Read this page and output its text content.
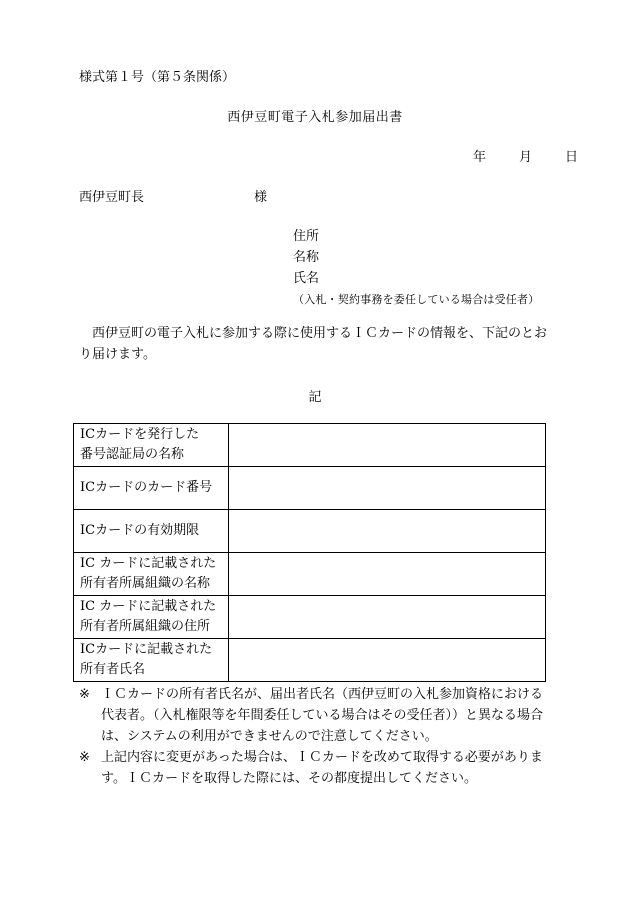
様式第１号（第５条関係）
西伊豆町電子入札参加届出書
年	月	日
西伊豆町長	様
住所
名称
氏名
（入札・契約事務を委任している場合は受任者）
西伊豆町の電子入札に参加する際に使用するＩＣカードの情報を、下記のとおり届けます。
記
ICカードを発行した
番号認証局の名称	

ICカードのカード番号	

ICカードの有効期限	

IC カードに記載された
所有者所属組織の名称	

IC カードに記載された
所有者所属組織の住所	

ICカードに記載された
所有者氏名	

※ ＩＣカードの所有者氏名が、届出者氏名（西伊豆町の入札参加資格における代表者。（入札権限等を年間委任している場合はその受任者））と異なる場合は、システムの利用ができませんので注意してください。
※ 上記内容に変更があった場合は、ＩＣカードを改めて取得する必要があります。ＩＣカードを取得した際には、その都度提出してください。
